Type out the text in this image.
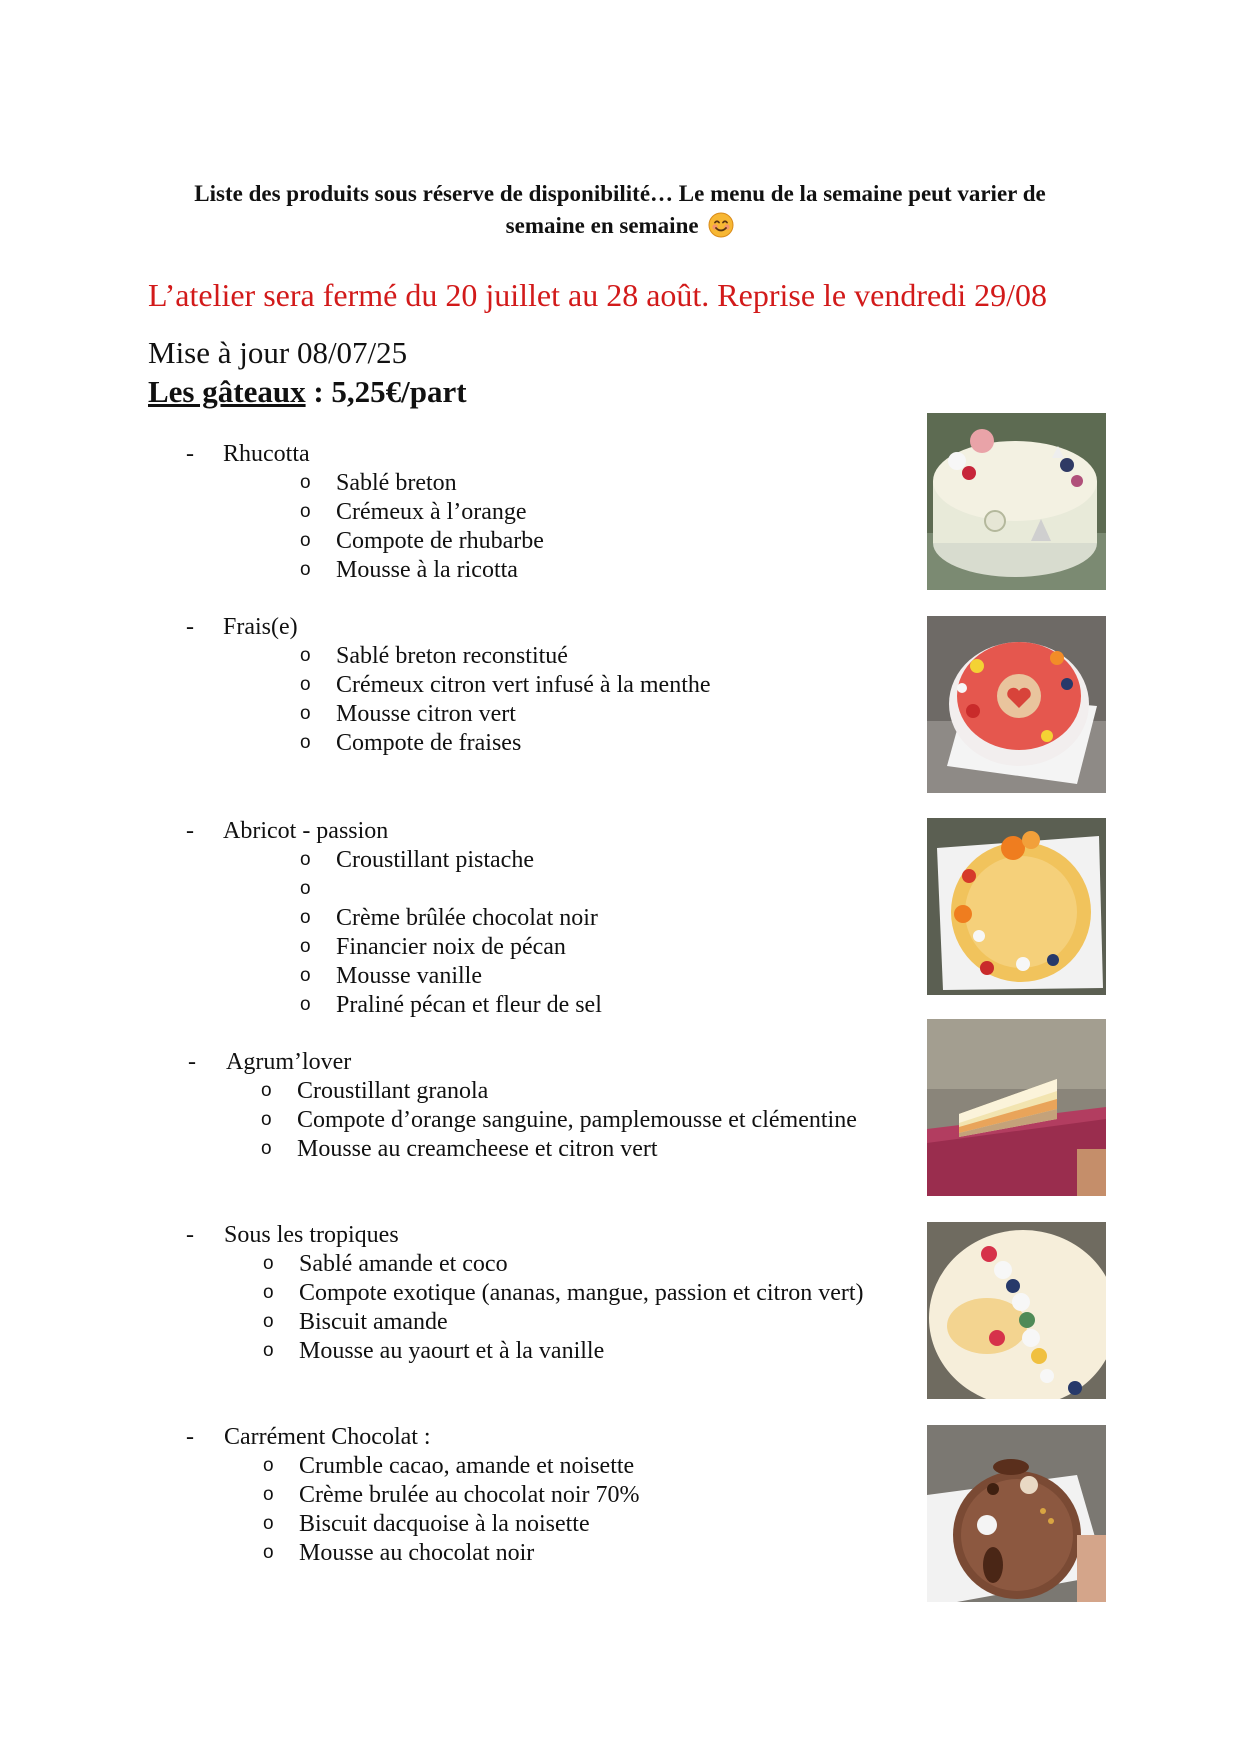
Liste des produits sous réserve de disponibilité… Le menu de la semaine peut varier de
semaine en semaine
L’atelier sera fermé du 20 juillet au 28 août. Reprise le vendredi 29/08
Mise à jour 08/07/25
Les gâteaux : 5,25€/part
- Rhucotta
o Sablé breton
o Crémeux à l’orange
o Compote de rhubarbe
o Mousse à la ricotta
- Frais(e)
o Sablé breton reconstitué
o Crémeux citron vert infusé à la menthe
o Mousse citron vert
o Compote de fraises
- Abricot - passion
o Croustillant pistache
o
o Crème brûlée chocolat noir
o Financier noix de pécan
o Mousse vanille
o Praliné pécan et fleur de sel
- Agrum’lover
o Croustillant granola
o Compote d’orange sanguine, pamplemousse et clémentine
o Mousse au creamcheese et citron vert
- Sous les tropiques
o Sablé amande et coco
o Compote exotique (ananas, mangue, passion et citron vert)
o Biscuit amande
o Mousse au yaourt et à la vanille
- Carrément Chocolat :
o Crumble cacao, amande et noisette
o Crème brulée au chocolat noir 70%
o Biscuit dacquoise à la noisette
o Mousse au chocolat noir
